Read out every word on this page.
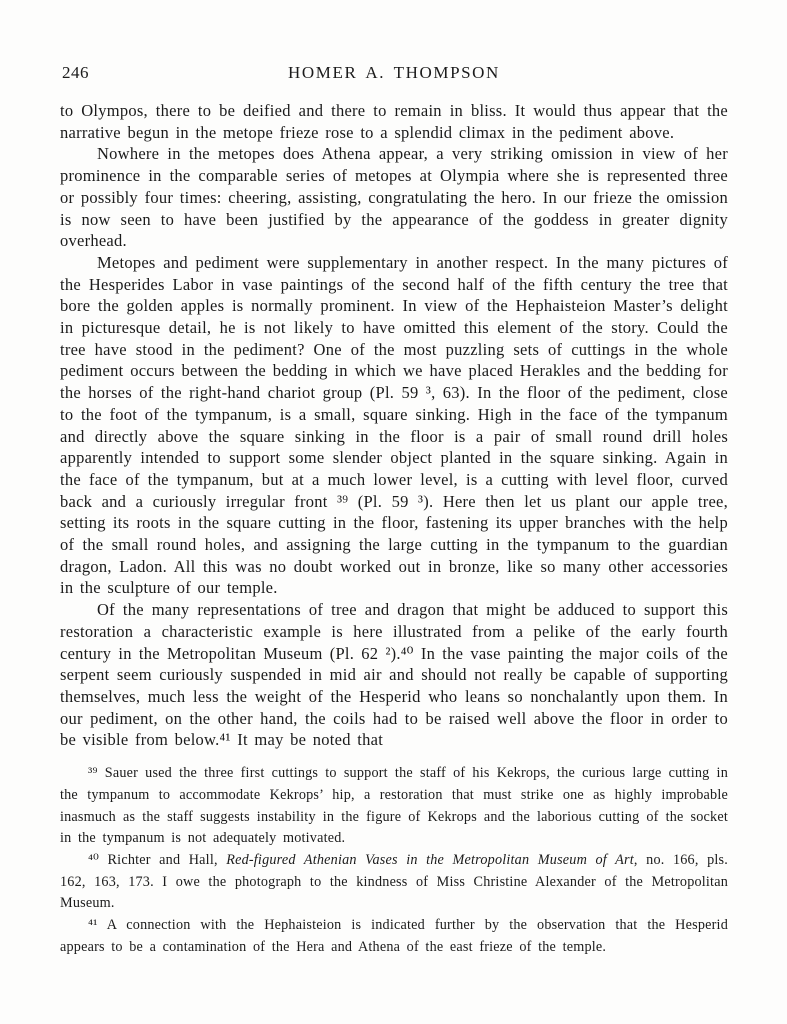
246	HOMER A. THOMPSON

to Olympos, there to be deified and there to remain in bliss. It would thus appear that the narrative begun in the metope frieze rose to a splendid climax in the pediment above.

Nowhere in the metopes does Athena appear, a very striking omission in view of her prominence in the comparable series of metopes at Olympia where she is represented three or possibly four times: cheering, assisting, congratulating the hero. In our frieze the omission is now seen to have been justified by the appearance of the goddess in greater dignity overhead.

Metopes and pediment were supplementary in another respect. In the many pictures of the Hesperides Labor in vase paintings of the second half of the fifth century the tree that bore the golden apples is normally prominent. In view of the Hephaisteion Master’s delight in picturesque detail, he is not likely to have omitted this element of the story. Could the tree have stood in the pediment? One of the most puzzling sets of cuttings in the whole pediment occurs between the bedding in which we have placed Herakles and the bedding for the horses of the right-hand chariot group (Pl. 59 ³, 63). In the floor of the pediment, close to the foot of the tympanum, is a small, square sinking. High in the face of the tympanum and directly above the square sinking in the floor is a pair of small round drill holes apparently intended to support some slender object planted in the square sinking. Again in the face of the tympanum, but at a much lower level, is a cutting with level floor, curved back and a curiously irregular front ³⁹ (Pl. 59 ³). Here then let us plant our apple tree, setting its roots in the square cutting in the floor, fastening its upper branches with the help of the small round holes, and assigning the large cutting in the tympanum to the guardian dragon, Ladon. All this was no doubt worked out in bronze, like so many other accessories in the sculpture of our temple.

Of the many representations of tree and dragon that might be adduced to support this restoration a characteristic example is here illustrated from a pelike of the early fourth century in the Metropolitan Museum (Pl. 62 ²).⁴⁰ In the vase painting the major coils of the serpent seem curiously suspended in mid air and should not really be capable of supporting themselves, much less the weight of the Hesperid who leans so nonchalantly upon them. In our pediment, on the other hand, the coils had to be raised well above the floor in order to be visible from below.⁴¹ It may be noted that

³⁹ Sauer used the three first cuttings to support the staff of his Kekrops, the curious large cutting in the tympanum to accommodate Kekrops’ hip, a restoration that must strike one as highly improbable inasmuch as the staff suggests instability in the figure of Kekrops and the laborious cutting of the socket in the tympanum is not adequately motivated.

⁴⁰ Richter and Hall, Red-figured Athenian Vases in the Metropolitan Museum of Art, no. 166, pls. 162, 163, 173. I owe the photograph to the kindness of Miss Christine Alexander of the Metropolitan Museum.

⁴¹ A connection with the Hephaisteion is indicated further by the observation that the Hesperid appears to be a contamination of the Hera and Athena of the east frieze of the temple.
